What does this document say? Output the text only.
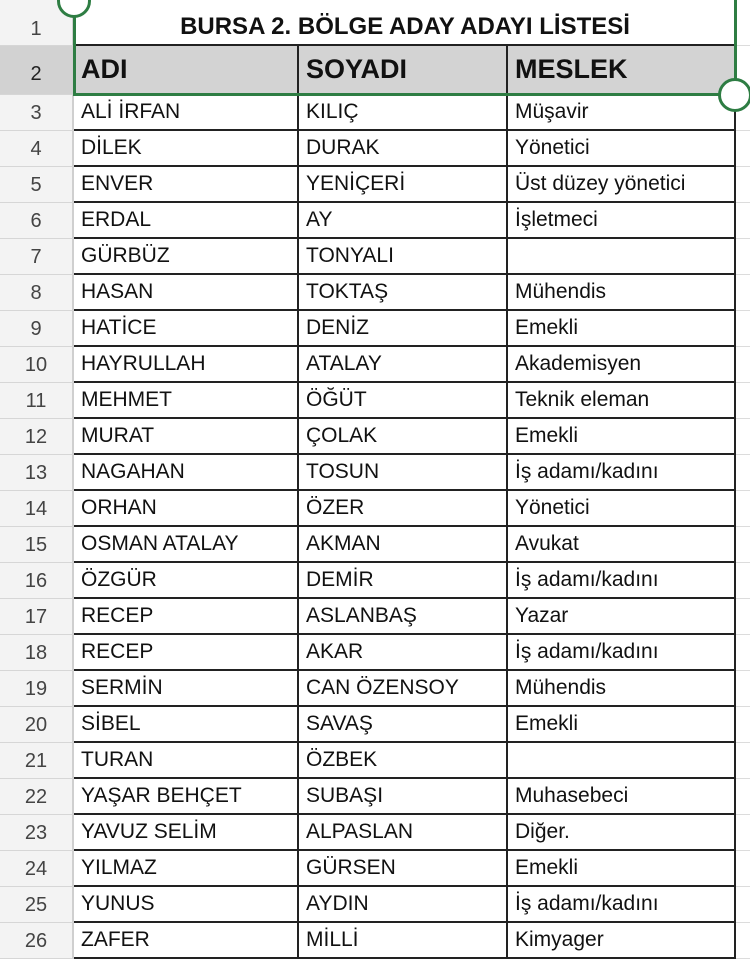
1	BURSA 2. BÖLGE ADAY ADAYI LİSTESİ
2	ADI	SOYADI	MESLEK
3	ALİ İRFAN	KILIÇ	Müşavir
4	DİLEK	DURAK	Yönetici
5	ENVER	YENİÇERİ	Üst düzey yönetici
6	ERDAL	AY	İşletmeci
7	GÜRBÜZ	TONYALI
8	HASAN	TOKTAŞ	Mühendis
9	HATİCE	DENİZ	Emekli
10	HAYRULLAH	ATALAY	Akademisyen
11	MEHMET	ÖĞÜT	Teknik eleman
12	MURAT	ÇOLAK	Emekli
13	NAGAHAN	TOSUN	İş adamı/kadını
14	ORHAN	ÖZER	Yönetici
15	OSMAN ATALAY	AKMAN	Avukat
16	ÖZGÜR	DEMİR	İş adamı/kadını
17	RECEP	ASLANBAŞ	Yazar
18	RECEP	AKAR	İş adamı/kadını
19	SERMİN	CAN ÖZENSOY	Mühendis
20	SİBEL	SAVAŞ	Emekli
21	TURAN	ÖZBEK
22	YAŞAR BEHÇET	SUBAŞI	Muhasebeci
23	YAVUZ SELİM	ALPASLAN	Diğer.
24	YILMAZ	GÜRSEN	Emekli
25	YUNUS	AYDIN	İş adamı/kadını
26	ZAFER	MİLLİ	Kimyager
